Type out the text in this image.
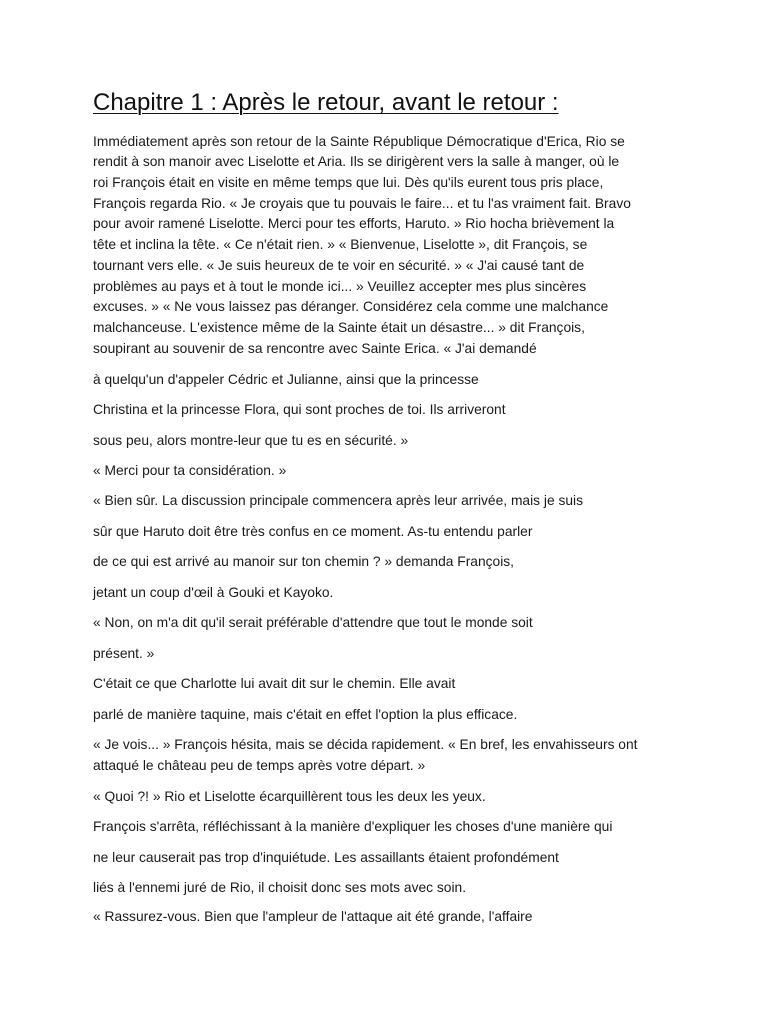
Chapitre 1 : Après le retour, avant le retour :

Immédiatement après son retour de la Sainte République Démocratique d'Erica, Rio se

rendit à son manoir avec Liselotte et Aria. Ils se dirigèrent vers la salle à manger, où le

roi François était en visite en même temps que lui. Dès qu'ils eurent tous pris place,

François regarda Rio. « Je croyais que tu pouvais le faire... et tu l'as vraiment fait. Bravo

pour avoir ramené Liselotte. Merci pour tes efforts, Haruto. » Rio hocha brièvement la

tête et inclina la tête. « Ce n'était rien. » « Bienvenue, Liselotte », dit François, se

tournant vers elle. « Je suis heureux de te voir en sécurité. » « J'ai causé tant de

problèmes au pays et à tout le monde ici... » Veuillez accepter mes plus sincères

excuses. » « Ne vous laissez pas déranger. Considérez cela comme une malchance

malchanceuse. L'existence même de la Sainte était un désastre... » dit François,

soupirant au souvenir de sa rencontre avec Sainte Erica. « J'ai demandé

à quelqu'un d'appeler Cédric et Julianne, ainsi que la princesse

Christina et la princesse Flora, qui sont proches de toi. Ils arriveront

sous peu, alors montre-leur que tu es en sécurité. »

« Merci pour ta considération. »

« Bien sûr. La discussion principale commencera après leur arrivée, mais je suis

sûr que Haruto doit être très confus en ce moment. As-tu entendu parler

de ce qui est arrivé au manoir sur ton chemin ? » demanda François,

jetant un coup d'œil à Gouki et Kayoko.

« Non, on m'a dit qu'il serait préférable d'attendre que tout le monde soit

présent. »

C'était ce que Charlotte lui avait dit sur le chemin. Elle avait

parlé de manière taquine, mais c'était en effet l'option la plus efficace.

« Je vois... » François hésita, mais se décida rapidement. « En bref, les envahisseurs ont

attaqué le château peu de temps après votre départ. »

« Quoi ?! » Rio et Liselotte écarquillèrent tous les deux les yeux.

François s'arrêta, réfléchissant à la manière d'expliquer les choses d'une manière qui

ne leur causerait pas trop d'inquiétude. Les assaillants étaient profondément

liés à l'ennemi juré de Rio, il choisit donc ses mots avec soin.

« Rassurez-vous. Bien que l'ampleur de l'attaque ait été grande, l'affaire
